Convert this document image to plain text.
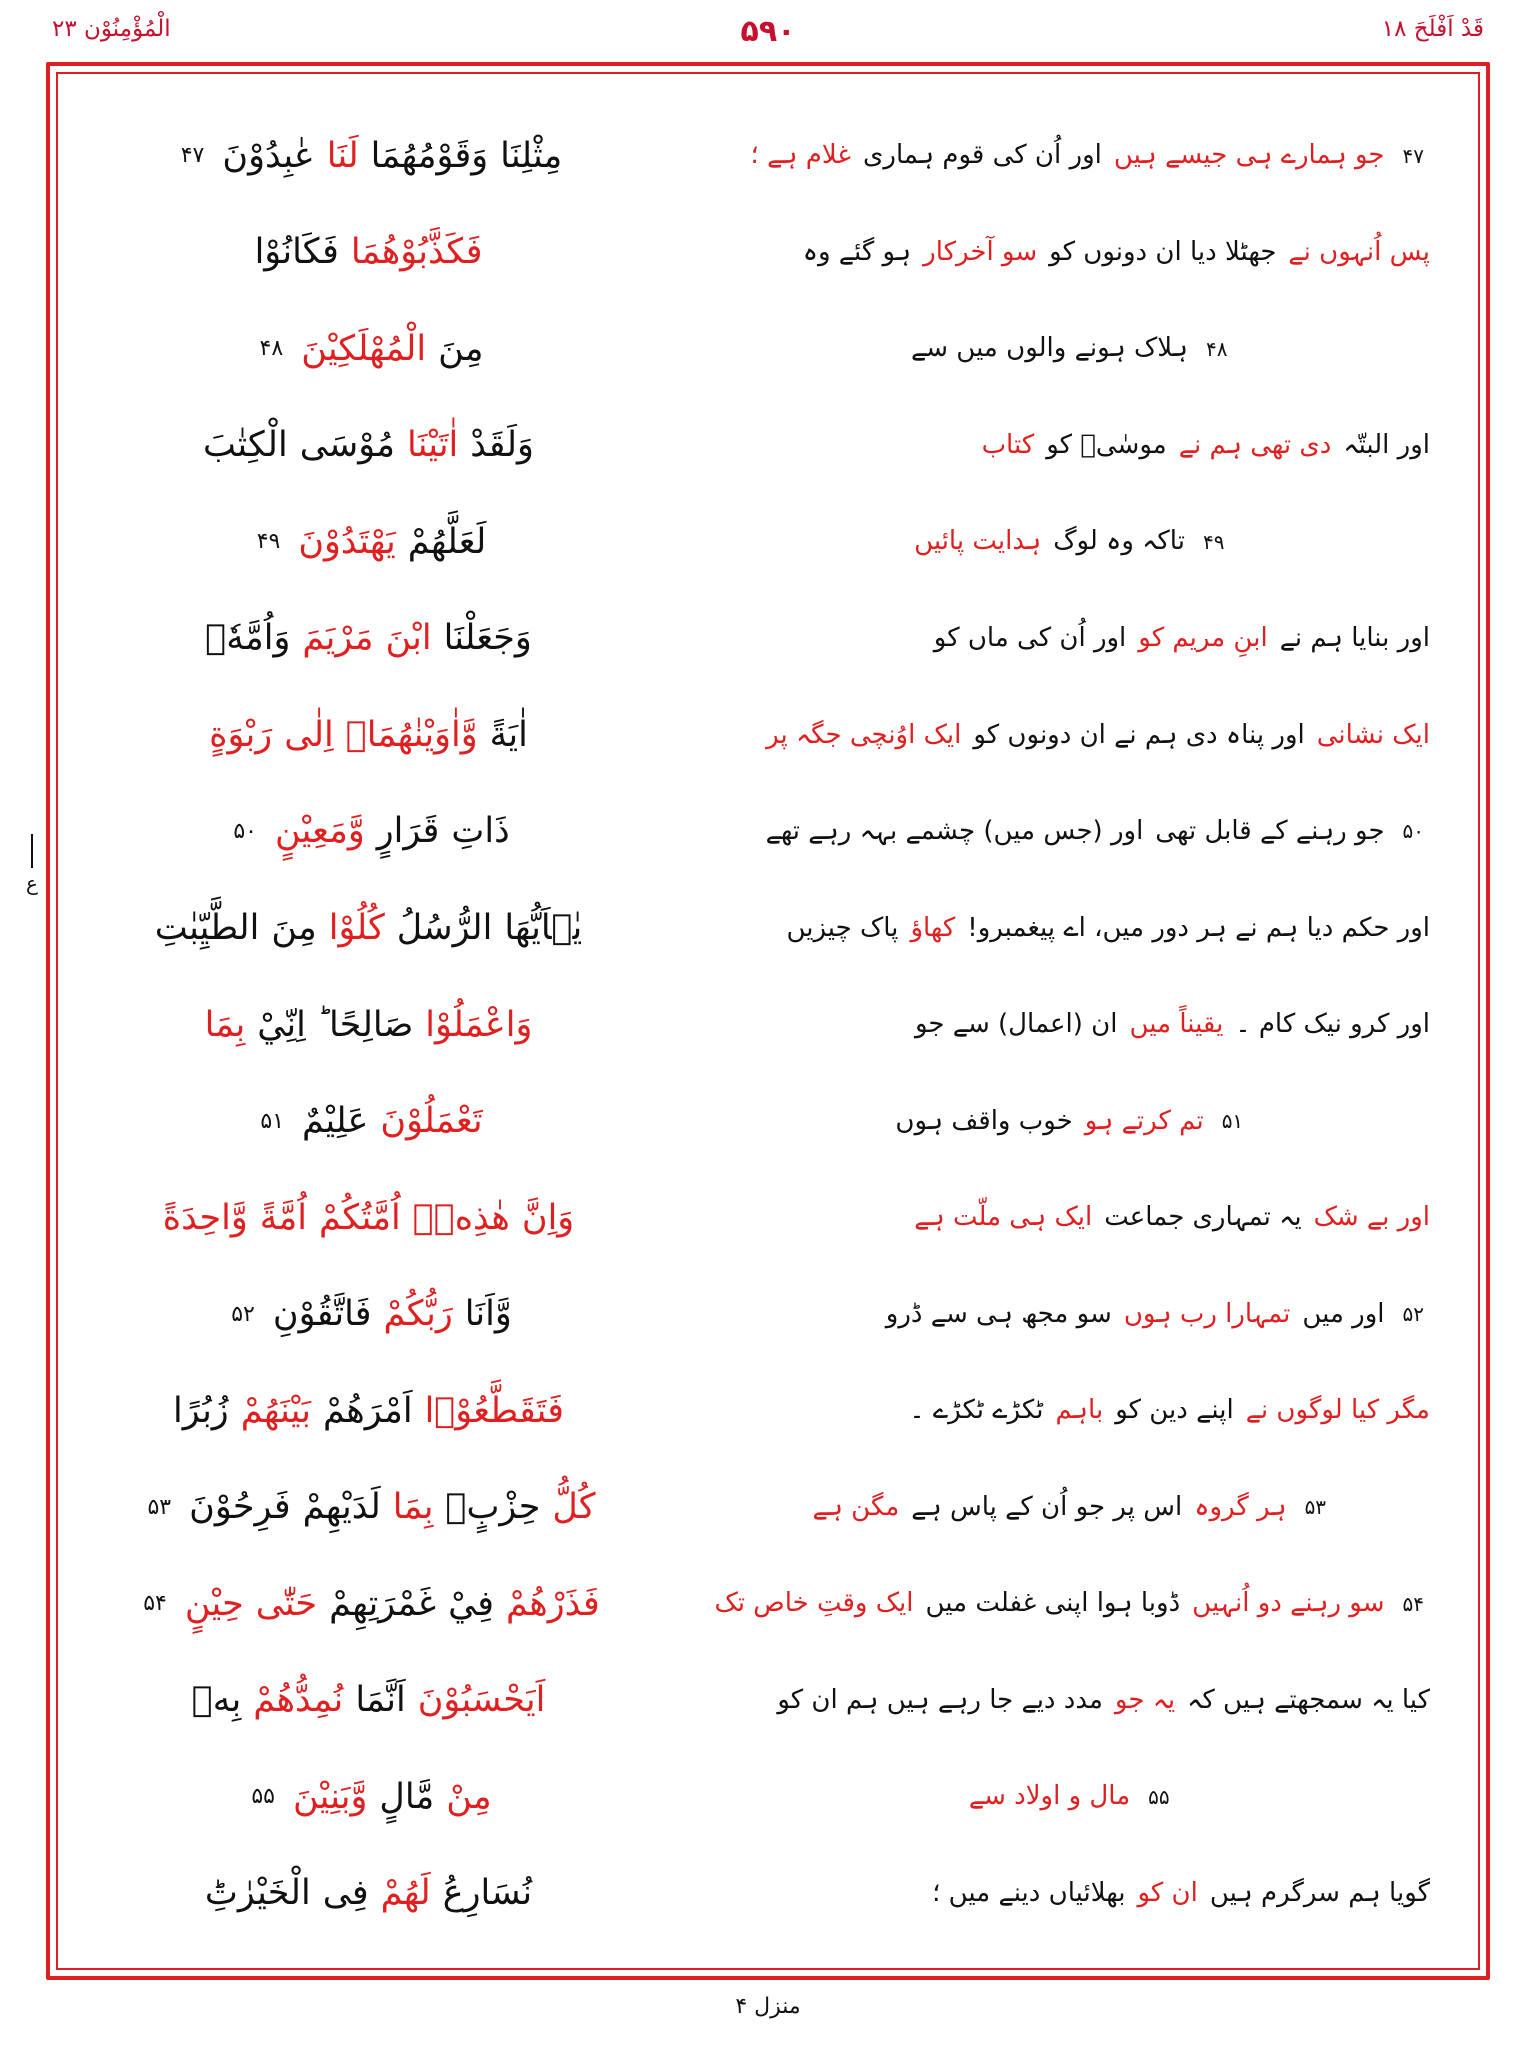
الْمُؤْمِنُوْن ٢٣	۵۹۰	قَدْ اَفْلَحَ ١٨
ع
۴۷
جو ہمارے ہی جیسے ہیں
اور اُن کی قوم ہماری
غلام ہے ؛
پس اُنہوں نے
جھٹلا دیا ان دونوں کو
سو آخرکار
ہو گئے وہ
۴۸
ہلاک ہونے والوں میں سے
اور البتّہ
دی تھی ہم نے
موسٰیؑ کو
کتاب
۴۹
تاکہ وہ لوگ
ہدایت پائیں
اور بنایا ہم نے
ابنِ مریم کو
اور اُن کی ماں کو
ایک نشانی
اور پناہ دی ہم نے ان دونوں کو
ایک اوُنچی جگہ پر
۵۰
جو رہنے کے قابل تھی
اور (جس میں) چشمے بہہ رہے تھے
اور حکم دیا ہم نے ہر دور میں، اے پیغمبرو!
کھاؤ
پاک چیزیں
اور کرو نیک کام ۔
یقیناً میں
ان (اعمال) سے جو
۵۱
تم کرتے ہو
خوب واقف ہوں
اور بے شک
یہ تمہاری جماعت
ایک ہی ملّت ہے
۵۲
اور میں
تمہارا رب ہوں
سو مجھ ہی سے ڈرو
مگر کیا لوگوں نے
اپنے دین کو
باہم
ٹکڑے ٹکڑے ۔
۵۳
ہر گروہ
اس پر جو اُن کے پاس ہے
مگن ہے
۵۴
سو رہنے دو اُنہیں
ڈوبا ہوا اپنی غفلت میں
ایک وقتِ خاص تک
کیا یہ سمجھتے ہیں کہ
یہ جو
مدد دیے جا رہے ہیں ہم ان کو
۵۵
مال و اولاد سے
گویا ہم سرگرم ہیں
ان کو
بھلائیاں دینے میں ؛
مِثْلِنَا
وَقَوْمُهُمَا
لَنَا
عٰبِدُوْنَ
۴۷
فَكَذَّبُوْهُمَا
فَكَانُوْا
مِنَ
الْمُهْلَكِيْنَ
۴۸
وَلَقَدْ
اٰتَيْنَا
مُوْسَى
الْكِتٰبَ
لَعَلَّهُمْ
يَهْتَدُوْنَ
۴۹
وَجَعَلْنَا
ابْنَ
مَرْيَمَ
وَاُمَّهٗۤ
اٰيَةً
وَّاٰوَيْنٰهُمَاۤ
اِلٰى
رَبْوَةٍ
ذَاتِ
قَرَارٍ
وَّمَعِيْنٍ
۵۰
يٰۤاَيُّهَا
الرُّسُلُ
كُلُوْا
مِنَ
الطَّيِّبٰتِ
وَاعْمَلُوْا
صَالِحًا
ؕ اِنِّيْ
بِمَا
تَعْمَلُوْنَ
عَلِيْمٌ
۵۱
وَاِنَّ
هٰذِهٖۤ
اُمَّتُكُمْ
اُمَّةً
وَّاحِدَةً
وَّاَنَا
رَبُّكُمْ
فَاتَّقُوْنِ
۵۲
فَتَقَطَّعُوْۤا
اَمْرَهُمْ
بَيْنَهُمْ
زُبُرًا
كُلُّ
حِزْبٍۭ
بِمَا
لَدَيْهِمْ
فَرِحُوْنَ
۵۳
فَذَرْهُمْ
فِيْ
غَمْرَتِهِمْ
حَتّٰى
حِيْنٍ
۵۴
اَيَحْسَبُوْنَ
اَنَّمَا
نُمِدُّهُمْ
بِهٖ
مِنْ
مَّالٍ
وَّبَنِيْنَ
۵۵
نُسَارِعُ
لَهُمْ
فِى
الْخَيْرٰتِؕ
منزل ۴
